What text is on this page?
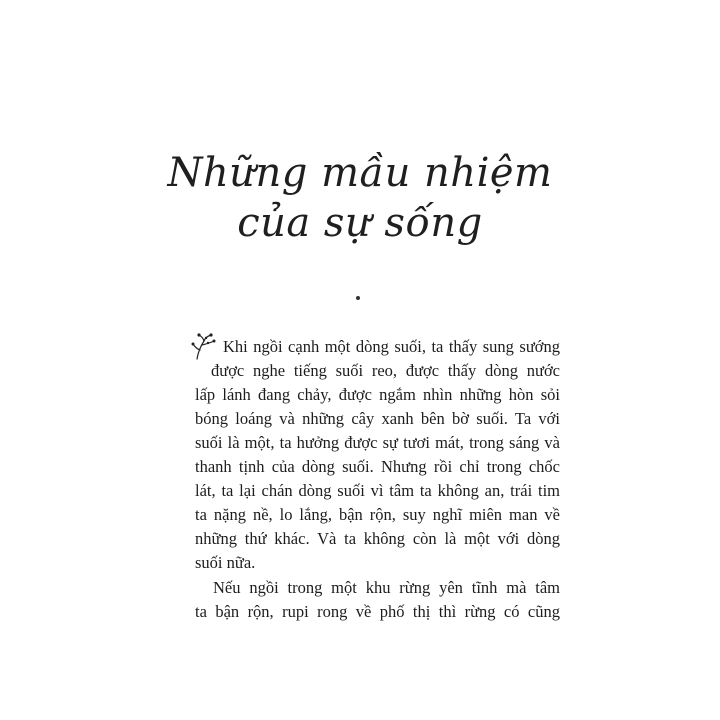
Những mầu nhiệm
của sự sống
Khi ngồi cạnh một dòng suối, ta thấy sung sướng
được nghe tiếng suối reo, được thấy dòng nước
lấp lánh đang chảy, được ngắm nhìn những hòn sỏi
bóng loáng và những cây xanh bên bờ suối. Ta với
suối là một, ta hưởng được sự tươi mát, trong sáng và
thanh tịnh của dòng suối. Nhưng rồi chỉ trong chốc
lát, ta lại chán dòng suối vì tâm ta không an, trái tim
ta nặng nề, lo lắng, bận rộn, suy nghĩ miên man về
những thứ khác. Và ta không còn là một với dòng
suối nữa.
Nếu ngồi trong một khu rừng yên tĩnh mà tâm
ta bận rộn, rupi rong về phố thị thì rừng có cũng
